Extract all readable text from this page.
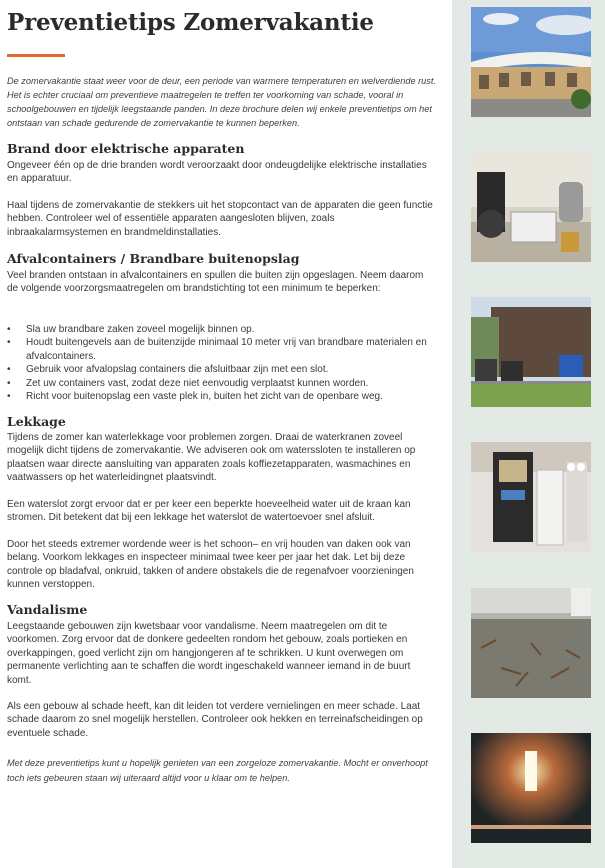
Preventietips Zomervakantie

De zomervakantie staat weer voor de deur, een periode van warmere temperaturen en welverdiende rust. Het is echter cruciaal om preventieve maatregelen te treffen ter voorkoming van schade, vooral in schoolgebouwen en tijdelijk leegstaande panden. In deze brochure delen wij enkele preventietips om het ontstaan van schade gedurende de zomervakantie te kunnen beperken.

Brand door elektrische apparaten

Ongeveer één op de drie branden wordt veroorzaakt door ondeugdelijke elektrische installaties en apparatuur.

Haal tijdens de zomervakantie de stekkers uit het stopcontact van de apparaten die geen functie hebben. Controleer wel of essentiële apparaten aangesloten blijven, zoals inbraakalarmsystemen en brandmeldinstallaties.

Afvalcontainers / Brandbare buitenopslag

Veel branden ontstaan in afvalcontainers en spullen die buiten zijn opgeslagen. Neem daarom de volgende voorzorgsmaatregelen om brandstichting tot een minimum te beperken:

• Sla uw brandbare zaken zoveel mogelijk binnen op.
• Houdt buitengevels aan de buitenzijde minimaal 10 meter vrij van brandbare materialen en afvalcontainers.
• Gebruik voor afvalopslag containers die afsluitbaar zijn met een slot.
• Zet uw containers vast, zodat deze niet eenvoudig verplaatst kunnen worden.
• Richt voor buitenopslag een vaste plek in, buiten het zicht van de openbare weg.
Lekkage

Tijdens de zomer kan waterlekkage voor problemen zorgen. Draai de waterkranen zoveel mogelijk dicht tijdens de zomervakantie. We adviseren ook om waterssloten te installeren op plaatsen waar directe aansluiting van apparaten zoals koffiezetapparaten, wasmachines en vaatwassers op het waterleidingnet plaatsvindt.

Een waterslot zorgt ervoor dat er per keer een beperkte hoeveelheid water uit de kraan kan stromen. Dit betekent dat bij een lekkage het waterslot de watertoevoer snel afsluit.

Door het steeds extremer wordende weer is het schoon– en vrij houden van daken ook van belang. Voorkom lekkages en inspecteer minimaal twee keer per jaar het dak. Let bij deze controle op bladafval, onkruid, takken of andere obstakels die de regenafvoer voorzieningen kunnen verstoppen.

Vandalisme

Leegstaande gebouwen zijn kwetsbaar voor vandalisme. Neem maatregelen om dit te voorkomen. Zorg ervoor dat de donkere gedeelten rondom het gebouw, zoals portieken en overkappingen, goed verlicht zijn om hangjongeren af te schrikken. U kunt overwegen om permanente verlichting aan te schaffen die wordt ingeschakeld wanneer iemand in de buurt komt.

Als een gebouw al schade heeft, kan dit leiden tot verdere vernielingen en meer schade. Laat schade daarom zo snel mogelijk herstellen. Controleer ook hekken en terreinafscheidingen op eventuele schade.

Met deze preventietips kunt u hopelijk genieten van een zorgeloze zomervakantie. Mocht er onverhoopt toch iets gebeuren staan wij uiteraard altijd voor u klaar om te helpen.
